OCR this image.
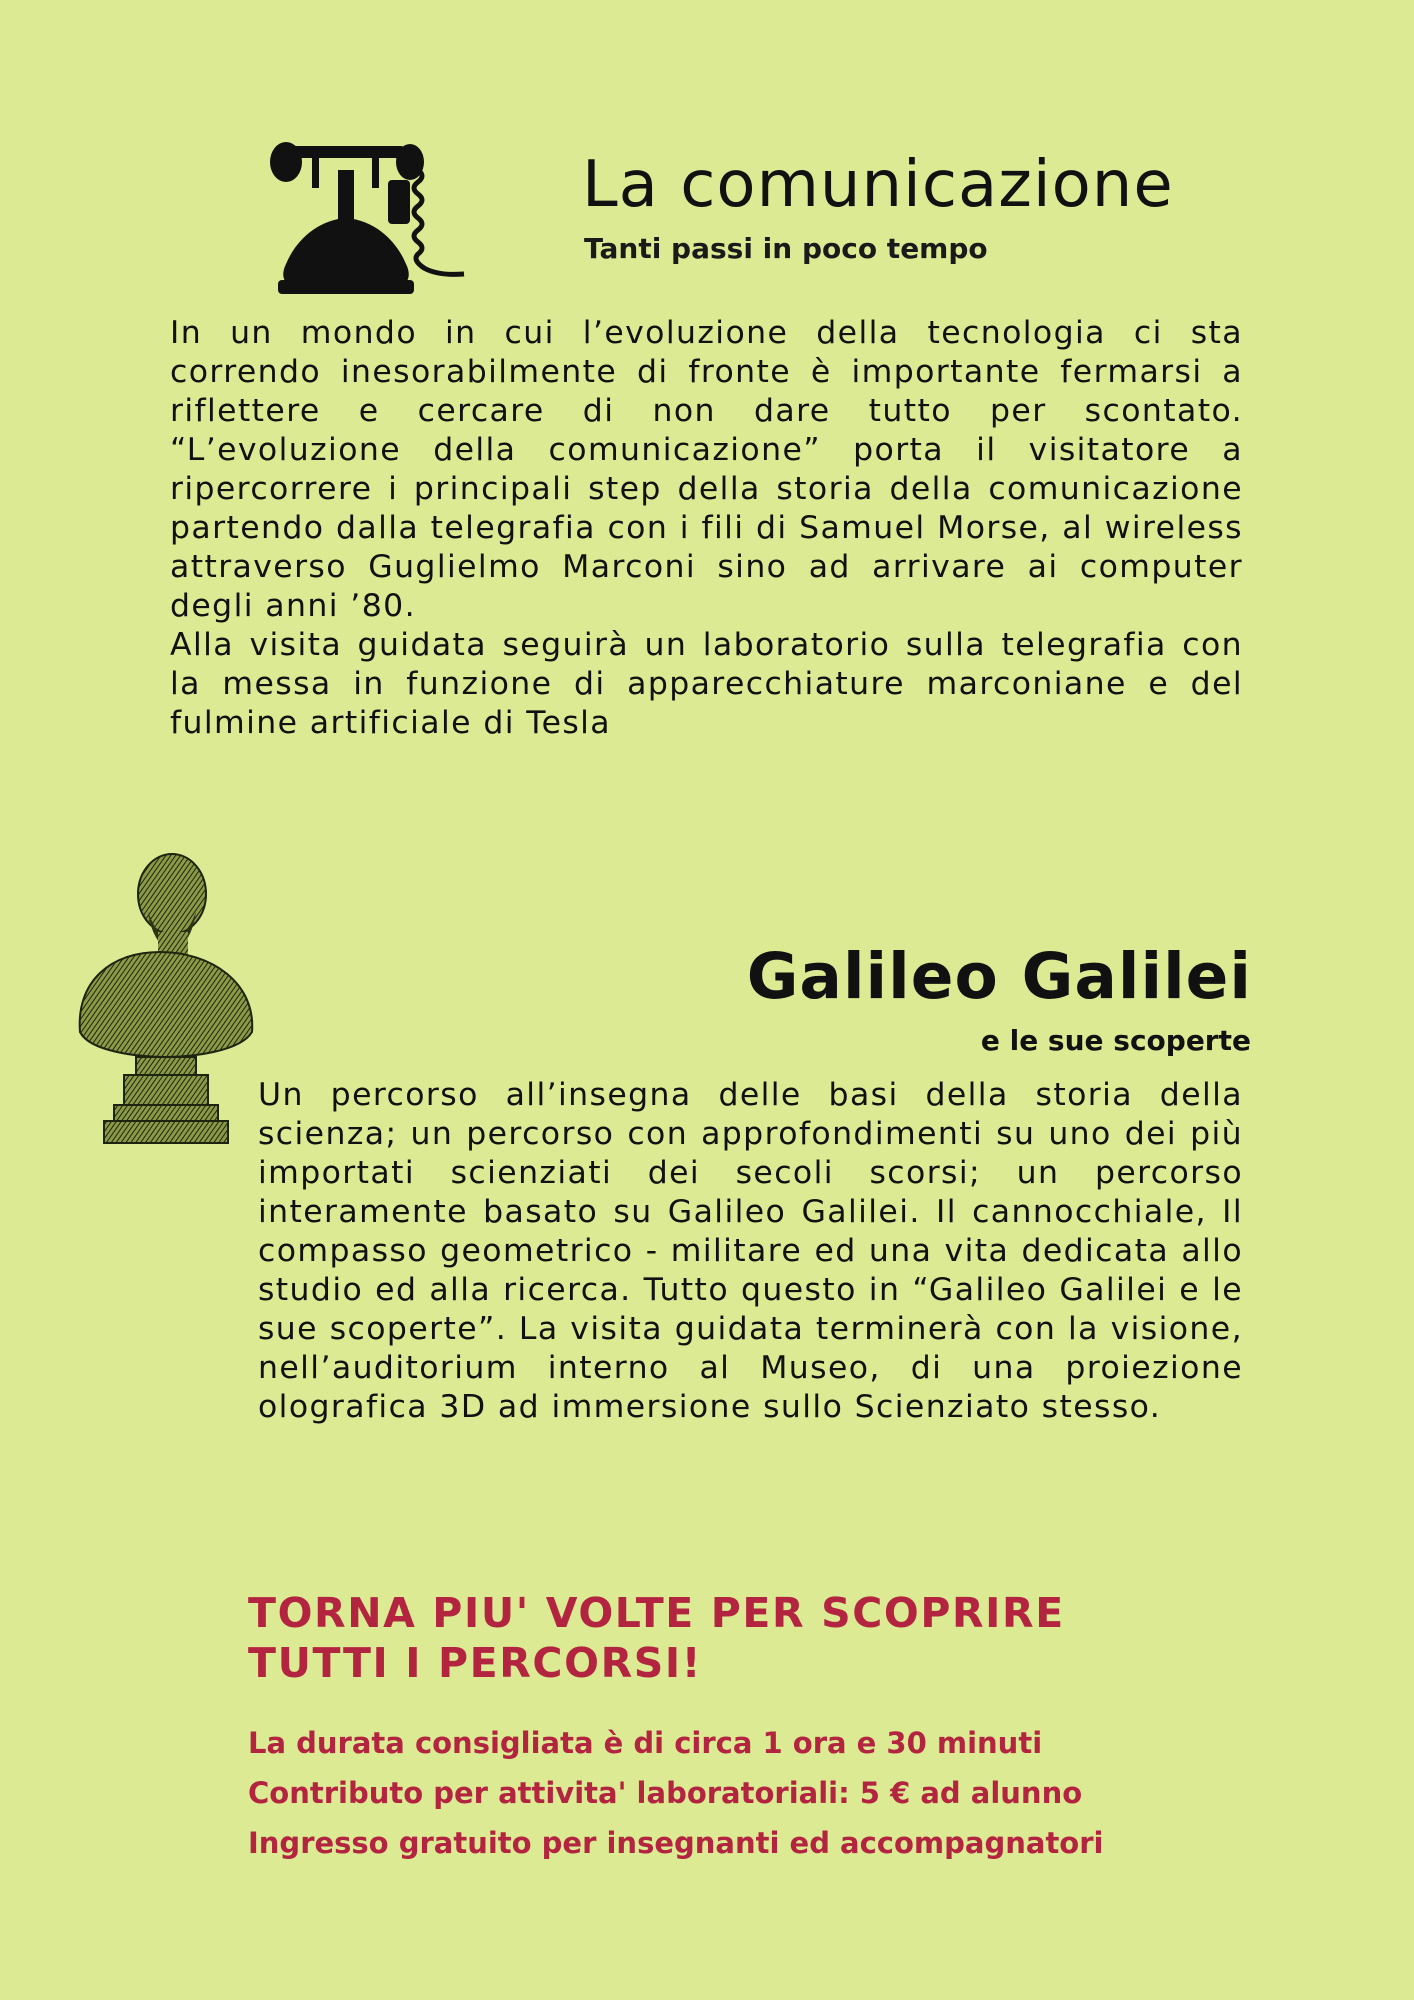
La comunicazione
Tanti passi in poco tempo

In un mondo in cui l’evoluzione della tecnologia ci sta correndo inesorabilmente di fronte è importante fermarsi a riflettere e cercare di non dare tutto per scontato. “L’evoluzione della comunicazione” porta il visitatore a ripercorrere i principali step della storia della comunicazione partendo dalla telegrafia con i fili di Samuel Morse, al wireless attraverso Guglielmo Marconi sino ad arrivare ai computer degli anni ’80.

Alla visita guidata seguirà un laboratorio sulla telegrafia con la messa in funzione di apparecchiature marconiane e del fulmine artificiale di Tesla

Galileo Galilei
e le sue scoperte

Un percorso all’insegna delle basi della storia della scienza; un percorso con approfondimenti su uno dei più importati scienziati dei secoli scorsi; un percorso interamente basato su Galileo Galilei. Il cannocchiale, Il compasso geometrico - militare ed una vita dedicata allo studio ed alla ricerca. Tutto questo in “Galileo Galilei e le sue scoperte”. La visita guidata terminerà con la visione, nell’auditorium interno al Museo, di una proiezione olografica 3D ad immersione sullo Scienziato stesso.

TORNA PIU' VOLTE PER SCOPRIRE
TUTTI I PERCORSI!
La durata consigliata è di circa 1 ora e 30 minuti
Contributo per attivita' laboratoriali: 5 € ad alunno
Ingresso gratuito per insegnanti ed accompagnatori
